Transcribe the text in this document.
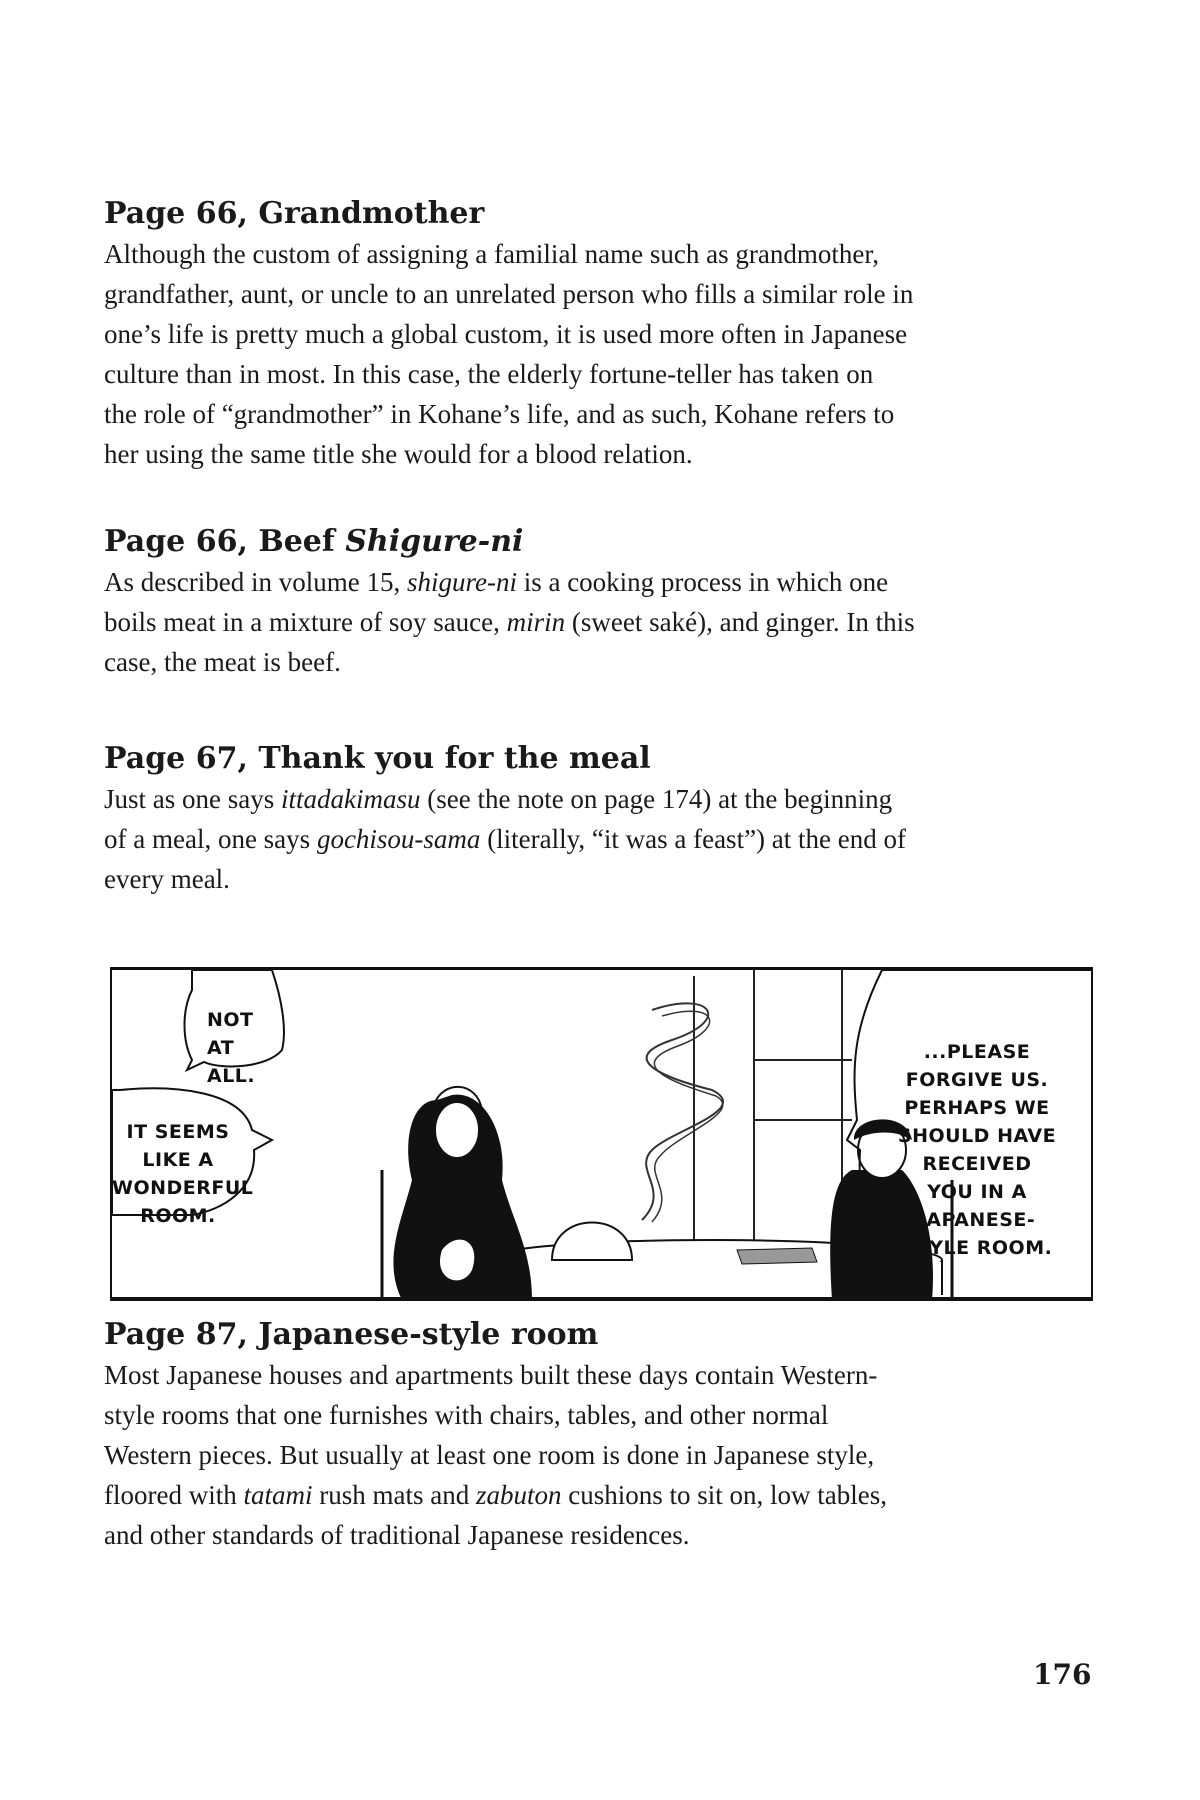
Page 66, Grandmother
Although the custom of assigning a familial name such as grandmother,
grandfather, aunt, or uncle to an unrelated person who fills a similar role in
one’s life is pretty much a global custom, it is used more often in Japanese
culture than in most. In this case, the elderly fortune-teller has taken on
the role of “grandmother” in Kohane’s life, and as such, Kohane refers to
her using the same title she would for a blood relation.
Page 66, Beef Shigure-ni
As described in volume 15, shigure-ni is a cooking process in which one
boils meat in a mixture of soy sauce, mirin (sweet saké), and ginger. In this
case, the meat is beef.
Page 67, Thank you for the meal
Just as one says ittadakimasu (see the note on page 174) at the beginning
of a meal, one says gochisou-sama (literally, “it was a feast”) at the end of
every meal.
NOT AT
ALL.
IT SEEMS
LIKE A
WONDERFUL
ROOM.
...PLEASE
FORGIVE US.
PERHAPS WE
SHOULD HAVE
RECEIVED
YOU IN A
JAPANESE-
STYLE ROOM.
Page 87, Japanese-style room
Most Japanese houses and apartments built these days contain Western-
style rooms that one furnishes with chairs, tables, and other normal
Western pieces. But usually at least one room is done in Japanese style,
floored with tatami rush mats and zabuton cushions to sit on, low tables,
and other standards of traditional Japanese residences.
176
